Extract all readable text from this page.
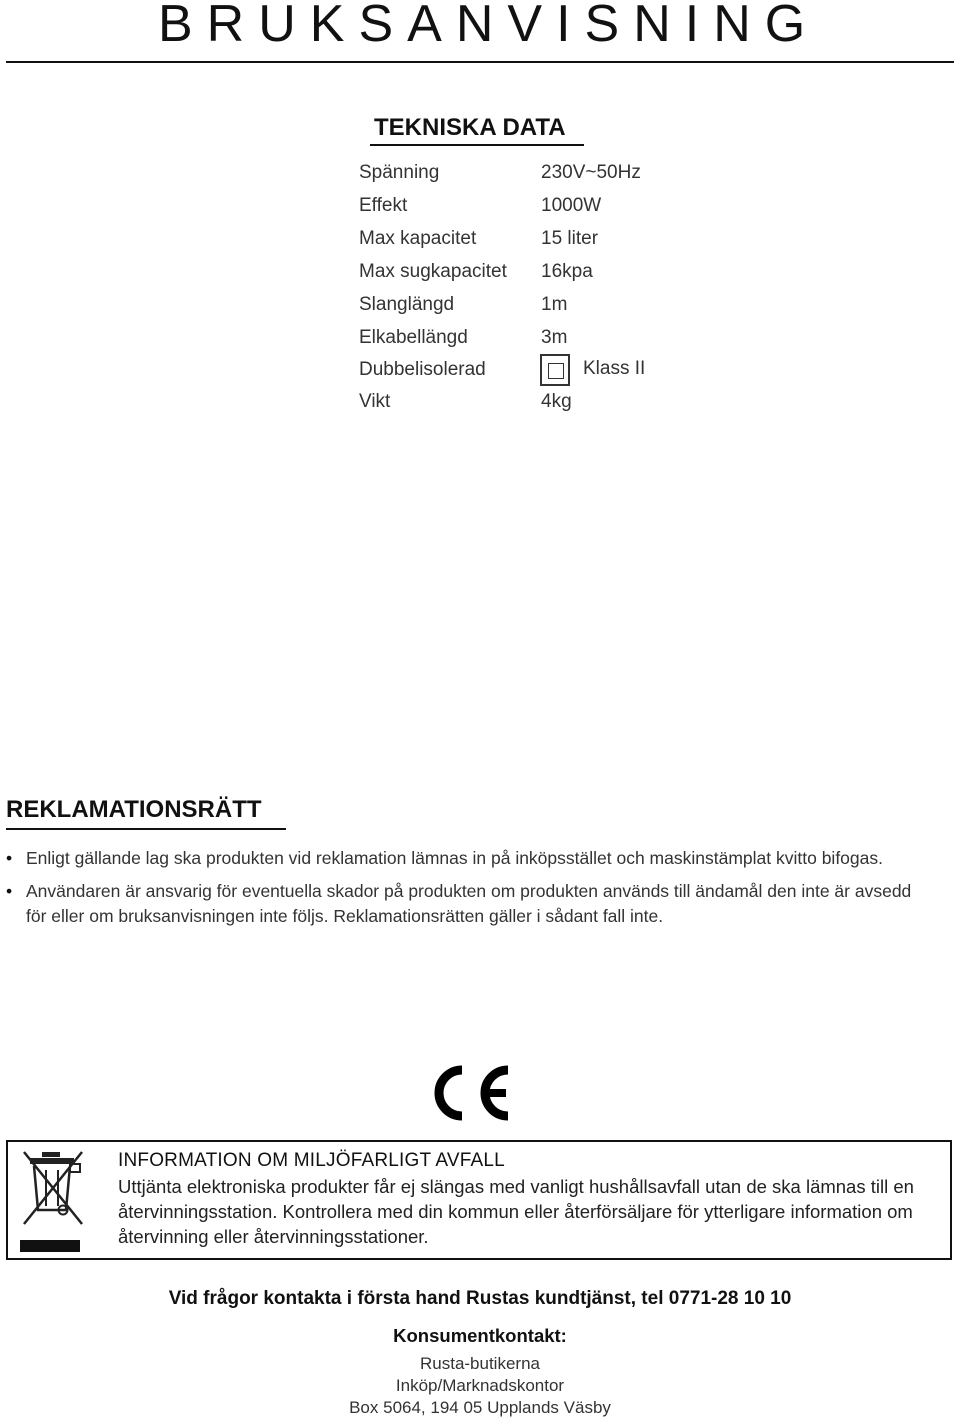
BRUKSANVISNING
TEKNISKA DATA
Spänning	230V~50Hz
Effekt	1000W
Max kapacitet	15 liter
Max sugkapacitet 16kpa
Slanglängd	1m
Elkabellängd	3m
Dubbelisolerad	Klass II
Vikt	4kg
REKLAMATIONSRÄTT
• Enligt gällande lag ska produkten vid reklamation lämnas in på inköpsstället och maskinstämplat kvitto bifogas.
• Användaren är ansvarig för eventuella skador på produkten om produkten används till ändamål den inte är avsedd för eller om bruksanvisningen inte följs. Reklamationsrätten gäller i sådant fall inte.
INFORMATION OM MILJÖFARLIGT AVFALL
Uttjänta elektroniska produkter får ej slängas med vanligt hushållsavfall utan de ska lämnas till en återvinningsstation. Kontrollera med din kommun eller återförsäljare för ytterligare information om återvinning eller återvinningsstationer.
Vid frågor kontakta i första hand Rustas kundtjänst, tel 0771-28 10 10
Konsumentkontakt:
Rusta-butikerna
Inköp/Marknadskontor
Box 5064, 194 05 Upplands Väsby
